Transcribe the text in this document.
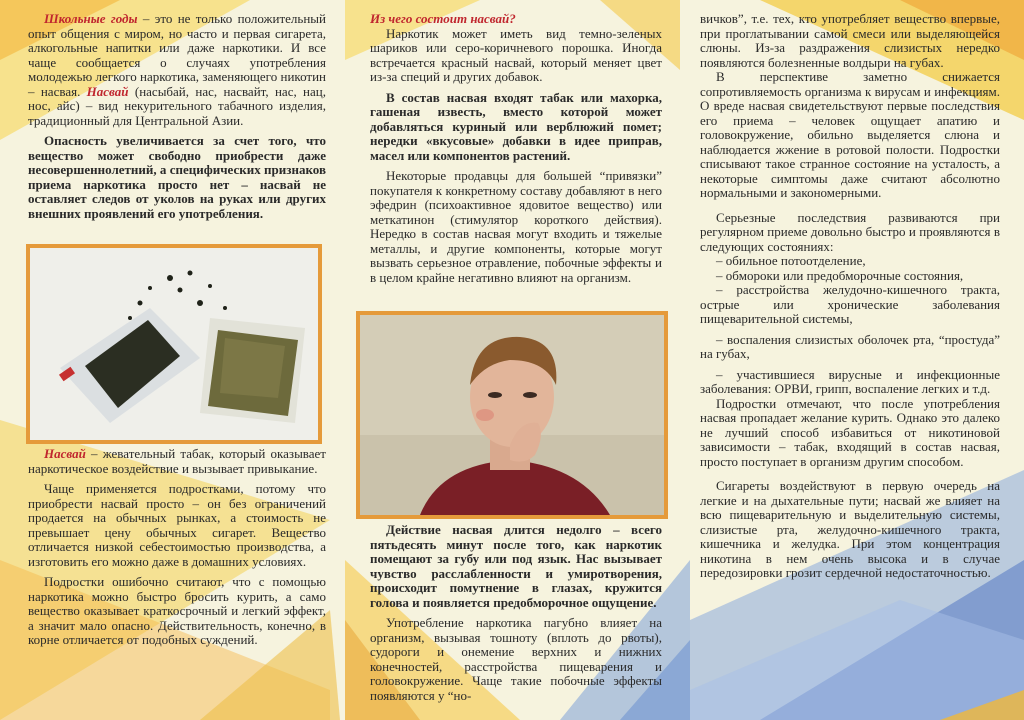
Школьные годы – это не только положительный опыт общения с миром, но часто и первая сигарета, алкогольные напитки или даже наркотики. И все чаще сообщается о случаях употребления молодежью легкого наркотика, заменяющего никотин – насвая. Насвай (насыбай, нас, насвайт, нас, нац, нос, айс) – вид некурительного табачного изделия, традиционный для Центральной Азии.

Опасность увеличивается за счет того, что вещество может свободно приобрести даже несовершеннолетний, а специфических признаков приема наркотика просто нет – насвай не оставляет следов от уколов на руках или других внешних проявлений его употребления.

Насвай – жевательный табак, который оказывает наркотическое воздействие и вызывает привыкание.

Чаще применяется подростками, потому что приобрести насвай просто – он без ограничений продается на обычных рынках, а стоимость не превышает цену обычных сигарет. Вещество отличается низкой себестоимостью производства, а изготовить его можно даже в домашних условиях.

Подростки ошибочно считают, что с помощью наркотика можно быстро бросить курить, а само вещество оказывает краткосрочный и легкий эффект, а значит мало опасно. Действительность, конечно, в корне отличается от подобных суждений.

Из чего состоит насвай?

Наркотик может иметь вид темно-зеленых шариков или серо-коричневого порошка. Иногда встречается красный насвай, который меняет цвет из-за специй и других добавок.

В состав насвая входят табак или махорка, гашеная известь, вместо которой может добавляться куриный или верблюжий помет; нередки «вкусовые» добавки в идее приправ, масел или компонентов растений.

Некоторые продавцы для большей “привязки” покупателя к конкретному составу добавляют в него эфедрин (психоактивное ядовитое вещество) или меткатинон (стимулятор короткого действия). Нередко в состав насвая могут входить и тяжелые металлы, и другие компоненты, которые могут вызвать серьезное отравление, побочные эффекты и в целом крайне негативно влияют на организм.

Действие насвая длится недолго – всего пятьдесять минут после того, как наркотик помещают за губу или под язык. Нас вызывает чувство расслабленности и умиротворения, происходит помутнение в глазах, кружится голова и появляется предобморочное ощущение.

Употребление наркотика пагубно влияет на организм, вызывая тошноту (вплоть до рвоты), судороги и онемение верхних и нижних конечностей, расстройства пищеварения и головокружение. Чаще такие побочные эффекты появляются у “но-

вичков”, т.е. тех, кто употребляет вещество впервые, при проглатывании самой смеси или выделяющейся слюны. Из-за раздражения слизистых нередко появляются болезненные волдыри на губах.

В перспективе заметно снижается сопротивляемость организма к вирусам и инфекциям. О вреде насвая свидетельствуют первые последствия его приема – человек ощущает апатию и головокружение, обильно выделяется слюна и наблюдается жжение в ротовой полости. Подростки списывают такое странное состояние на усталость, а некоторые симптомы даже считают абсолютно нормальными и закономерными.

Серьезные последствия развиваются при регулярном приеме довольно быстро и проявляются в следующих состояниях:

– обильное потоотделение,

– обмороки или предобморочные состояния,

– расстройства желудочно-кишечного тракта, острые или хронические заболевания пищеварительной системы,

– воспаления слизистых оболочек рта, “простуда” на губах,

– участившиеся вирусные и инфекционные заболевания: ОРВИ, грипп, воспаление легких и т.д.

Подростки отмечают, что после употребления насвая пропадает желание курить. Однако это далеко не лучший способ избавиться от никотиновой зависимости – табак, входящий в состав насвая, просто поступает в организм другим способом.

Сигареты воздействуют в первую очередь на легкие и на дыхательные пути; насвай же влияет на всю пищеварительную и выделительную системы, слизистые рта, желудочно-кишечного тракта, кишечника и желудка. При этом концентрация никотина в нем очень высока и в случае передозировки грозит сердечной недостаточностью.
